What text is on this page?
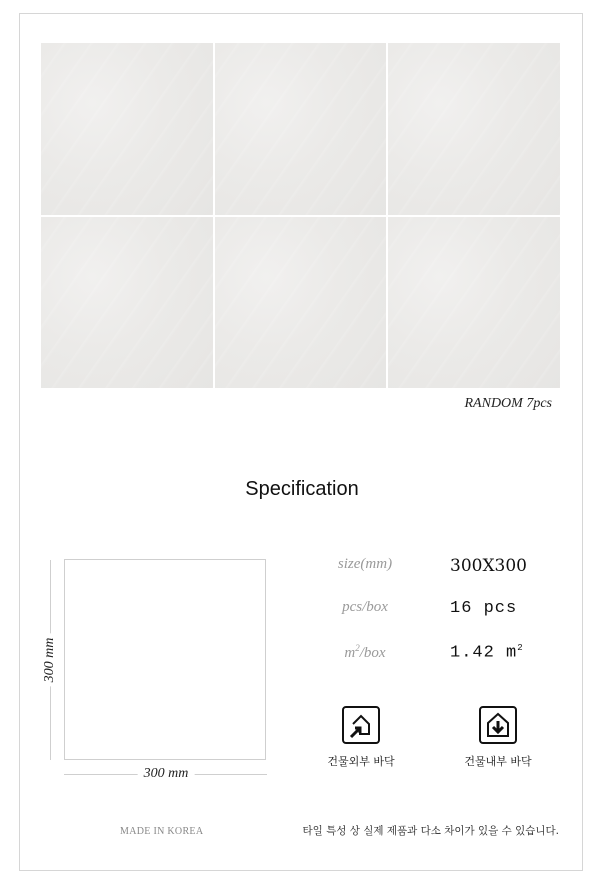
RANDOM 7pcs
Specification
300 mm
300 mm
size(mm)	300X300
pcs/box	16 pcs
$m^2$/box	1.42 $m^2$
건물외부 바닥	건물내부 바닥
MADE IN KOREA	타일 특성 상 실제 제품과 다소 차이가 있을 수 있습니다.
